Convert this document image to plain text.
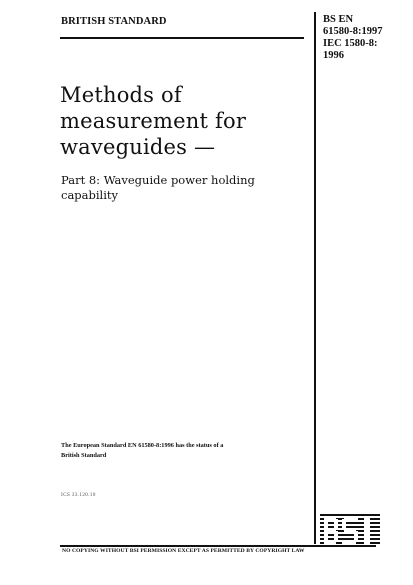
BRITISH STANDARD	BS EN
61580-8:1997
IEC 1580-8:
1996
Methods of
measurement for
waveguides —
Part 8: Waveguide power holding
capability
The European Standard EN 61580-8:1996 has the status of a
British Standard
ICS 33.120.10
NO COPYING WITHOUT BSI PERMISSION EXCEPT AS PERMITTED BY COPYRIGHT LAW
